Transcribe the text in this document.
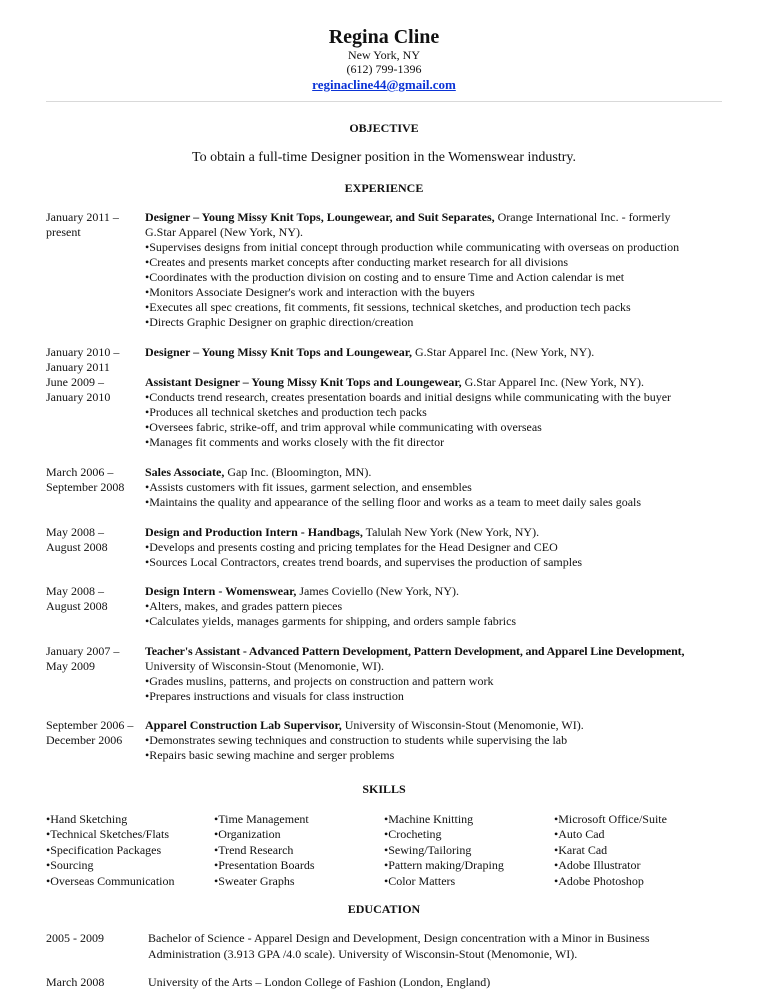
Regina Cline
New York, NY
(612) 799-1396
reginacline44@gmail.com
OBJECTIVE
To obtain a full-time Designer position in the Womenswear industry.
EXPERIENCE
January 2011 –
present
Designer – Young Missy Knit Tops, Loungewear, and Suit Separates, Orange International Inc. - formerly
G.Star Apparel (New York, NY).
•Supervises designs from initial concept through production while communicating with overseas on production
•Creates and presents market concepts after conducting market research for all divisions
•Coordinates with the production division on costing and to ensure Time and Action calendar is met
•Monitors Associate Designer's work and interaction with the buyers
•Executes all spec creations, fit comments, fit sessions, technical sketches, and production tech packs
•Directs Graphic Designer on graphic direction/creation
January 2010 –
January 2011
Designer – Young Missy Knit Tops and Loungewear, G.Star Apparel Inc. (New York, NY).
June 2009 –
January 2010
Assistant Designer – Young Missy Knit Tops and Loungewear, G.Star Apparel Inc. (New York, NY).
•Conducts trend research, creates presentation boards and initial designs while communicating with the buyer
•Produces all technical sketches and production tech packs
•Oversees fabric, strike-off, and trim approval while communicating with overseas
•Manages fit comments and works closely with the fit director
March 2006 –
September 2008
Sales Associate, Gap Inc. (Bloomington, MN).
•Assists customers with fit issues, garment selection, and ensembles
•Maintains the quality and appearance of the selling floor and works as a team to meet daily sales goals
May 2008 –
August 2008
Design and Production Intern - Handbags, Talulah New York (New York, NY).
•Develops and presents costing and pricing templates for the Head Designer and CEO
•Sources Local Contractors, creates trend boards, and supervises the production of samples
May 2008 –
August 2008
Design Intern - Womenswear, James Coviello (New York, NY).
•Alters, makes, and grades pattern pieces
•Calculates yields, manages garments for shipping, and orders sample fabrics
January 2007 –
May 2009
Teacher's Assistant - Advanced Pattern Development, Pattern Development, and Apparel Line Development,
University of Wisconsin-Stout (Menomonie, WI).
•Grades muslins, patterns, and projects on construction and pattern work
•Prepares instructions and visuals for class instruction
September 2006 –
December 2006
Apparel Construction Lab Supervisor, University of Wisconsin-Stout (Menomonie, WI).
•Demonstrates sewing techniques and construction to students while supervising the lab
•Repairs basic sewing machine and serger problems
SKILLS
•Hand Sketching
•Technical Sketches/Flats
•Specification Packages
•Sourcing
•Overseas Communication
•Time Management
•Organization
•Trend Research
•Presentation Boards
•Sweater Graphs
•Machine Knitting
•Crocheting
•Sewing/Tailoring
•Pattern making/Draping
•Color Matters
•Microsoft Office/Suite
•Auto Cad
•Karat Cad
•Adobe Illustrator
•Adobe Photoshop
EDUCATION
2005 - 2009	Bachelor of Science - Apparel Design and Development, Design concentration with a Minor in Business
Administration (3.913 GPA /4.0 scale). University of Wisconsin-Stout (Menomonie, WI).
March 2008	University of the Arts – London College of Fashion (London, England)
